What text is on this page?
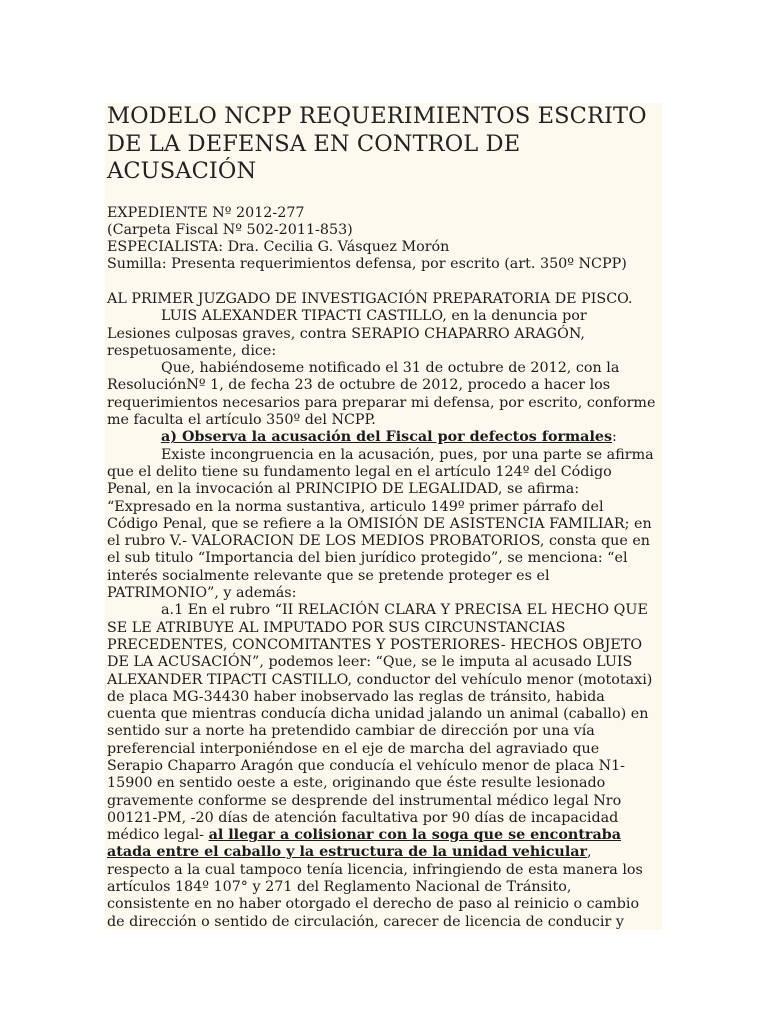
MODELO NCPP REQUERIMIENTOS ESCRITO
DE LA DEFENSA EN CONTROL DE
ACUSACIÓN
EXPEDIENTE Nº 2012-277
(Carpeta Fiscal Nº 502-2011-853)
ESPECIALISTA: Dra. Cecilia G. Vásquez Morón
Sumilla: Presenta requerimientos defensa, por escrito (art. 350º NCPP)
AL PRIMER JUZGADO DE INVESTIGACIÓN PREPARATORIA DE PISCO.
LUIS ALEXANDER TIPACTI CASTILLO, en la denuncia por
Lesiones culposas graves, contra SERAPIO CHAPARRO ARAGÓN,
respetuosamente, dice:
Que, habiéndoseme notificado el 31 de octubre de 2012, con la
ResoluciónNº 1, de fecha 23 de octubre de 2012, procedo a hacer los
requerimientos necesarios para preparar mi defensa, por escrito, conforme
me faculta el artículo 350º del NCPP.
a) Observa la acusación del Fiscal por defectos formales:
Existe incongruencia en la acusación, pues, por una parte se afirma
que el delito tiene su fundamento legal en el artículo 124º del Código
Penal, en la invocación al PRINCIPIO DE LEGALIDAD, se afirma:
“Expresado en la norma sustantiva, articulo 149º primer párrafo del
Código Penal, que se refiere a la OMISIÓN DE ASISTENCIA FAMILIAR; en
el rubro V.- VALORACION DE LOS MEDIOS PROBATORIOS, consta que en
el sub titulo “Importancia del bien jurídico protegido”, se menciona: “el
interés socialmente relevante que se pretende proteger es el
PATRIMONIO”, y además:
a.1 En el rubro “II RELACIÓN CLARA Y PRECISA EL HECHO QUE
SE LE ATRIBUYE AL IMPUTADO POR SUS CIRCUNSTANCIAS
PRECEDENTES, CONCOMITANTES Y POSTERIORES- HECHOS OBJETO
DE LA ACUSACIÓN”, podemos leer: “Que, se le imputa al acusado LUIS
ALEXANDER TIPACTI CASTILLO, conductor del vehículo menor (mototaxi)
de placa MG-34430 haber inobservado las reglas de tránsito, habida
cuenta que mientras conducía dicha unidad jalando un animal (caballo) en
sentido sur a norte ha pretendido cambiar de dirección por una vía
preferencial interponiéndose en el eje de marcha del agraviado que
Serapio Chaparro Aragón que conducía el vehículo menor de placa N1-
15900 en sentido oeste a este, originando que éste resulte lesionado
gravemente conforme se desprende del instrumental médico legal Nro
00121-PM, -20 días de atención facultativa por 90 días de incapacidad
médico legal- al llegar a colisionar con la soga que se encontraba
atada entre el caballo y la estructura de la unidad vehicular,
respecto a la cual tampoco tenía licencia, infringiendo de esta manera los
artículos 184º 107° y 271 del Reglamento Nacional de Tránsito,
consistente en no haber otorgado el derecho de paso al reinicio o cambio
de dirección o sentido de circulación, carecer de licencia de conducir y
